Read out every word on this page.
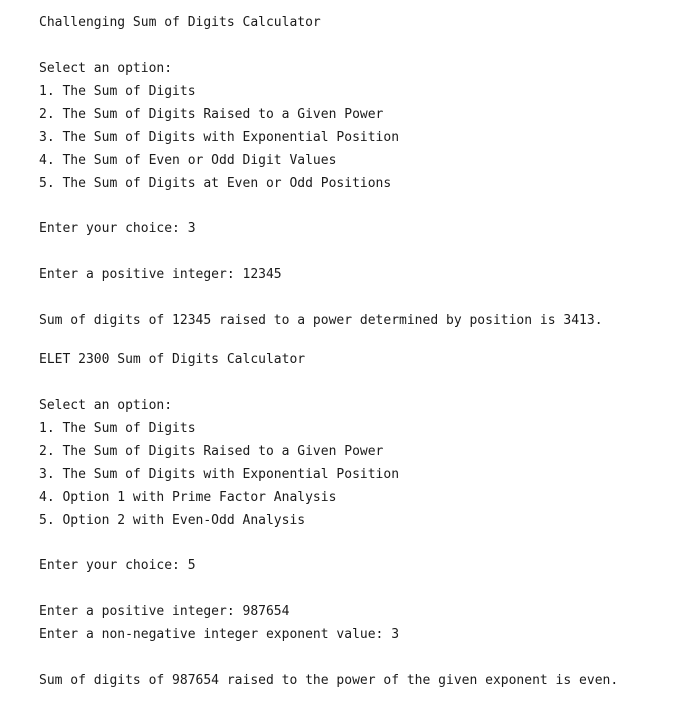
Challenging Sum of Digits Calculator
Select an option:
1. The Sum of Digits
2. The Sum of Digits Raised to a Given Power
3. The Sum of Digits with Exponential Position
4. The Sum of Even or Odd Digit Values
5. The Sum of Digits at Even or Odd Positions
Enter your choice: 3
Enter a positive integer: 12345
Sum of digits of 12345 raised to a power determined by position is 3413.
ELET 2300 Sum of Digits Calculator
Select an option:
1. The Sum of Digits
2. The Sum of Digits Raised to a Given Power
3. The Sum of Digits with Exponential Position
4. Option 1 with Prime Factor Analysis
5. Option 2 with Even-Odd Analysis
Enter your choice: 5
Enter a positive integer: 987654
Enter a non-negative integer exponent value: 3
Sum of digits of 987654 raised to the power of the given exponent is even.
